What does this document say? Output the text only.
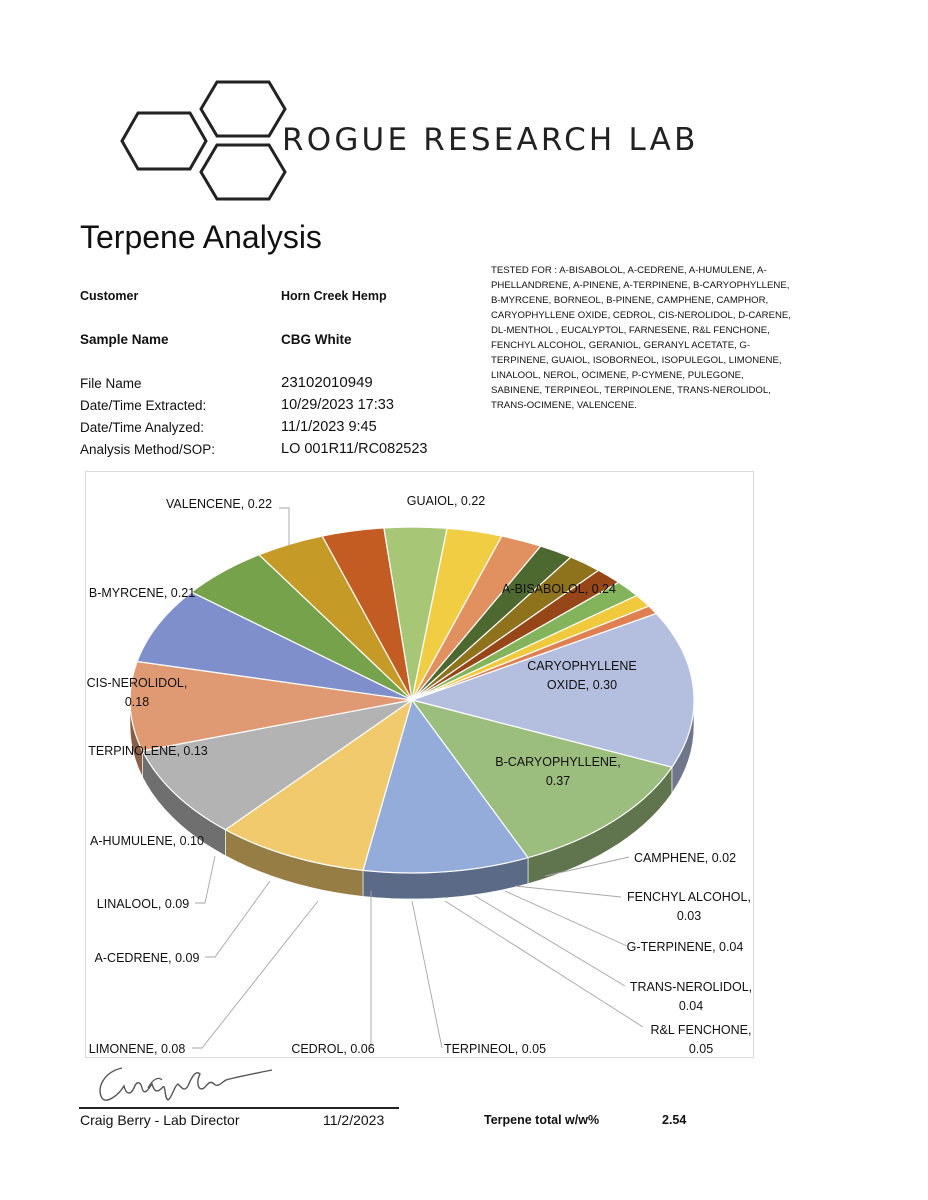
ROGUE RESEARCH LAB
Terpene Analysis
Customer	Horn Creek Hemp
Sample Name	CBG White
File Name	23102010949
Date/Time Extracted:	10/29/2023 17:33
Date/Time Analyzed:	11/1/2023 9:45
Analysis Method/SOP:	LO 001R11/RC082523
TESTED FOR : A-BISABOLOL, A-CEDRENE, A-HUMULENE, A-PHELLANDRENE, A-PINENE, A-TERPINENE, B-CARYOPHYLLENE, B-MYRCENE, BORNEOL, B-PINENE, CAMPHENE, CAMPHOR, CARYOPHYLLENE OXIDE, CEDROL, CIS-NEROLIDOL, D-CARENE, DL-MENTHOL , EUCALYPTOL, FARNESENE, R&L FENCHONE, FENCHYL ALCOHOL, GERANIOL, GERANYL ACETATE, G-TERPINENE, GUAIOL, ISOBORNEOL, ISOPULEGOL, LIMONENE, LINALOOL, NEROL, OCIMENE, P-CYMENE, PULEGONE, SABINENE, TERPINEOL, TERPINOLENE, TRANS-NEROLIDOL, TRANS-OCIMENE, VALENCENE.
B-CARYOPHYLLENE,
0.37
CARYOPHYLLENE
OXIDE, 0.30
A-BISABOLOL, 0.24
GUAIOL, 0.22
VALENCENE, 0.22
B-MYRCENE, 0.21
CIS-NEROLIDOL,
0.18
TERPINOLENE, 0.13
A-HUMULENE, 0.10
LINALOOL, 0.09
A-CEDRENE, 0.09
LIMONENE, 0.08	CEDROL, 0.06	TERPINEOL, 0.05
R&L FENCHONE,
0.05
TRANS-NEROLIDOL,
0.04
G-TERPINENE, 0.04
FENCHYL ALCOHOL,
0.03
CAMPHENE, 0.02
Craig Berry - Lab Director	11/2/2023	Terpene total w/w%	2.54
